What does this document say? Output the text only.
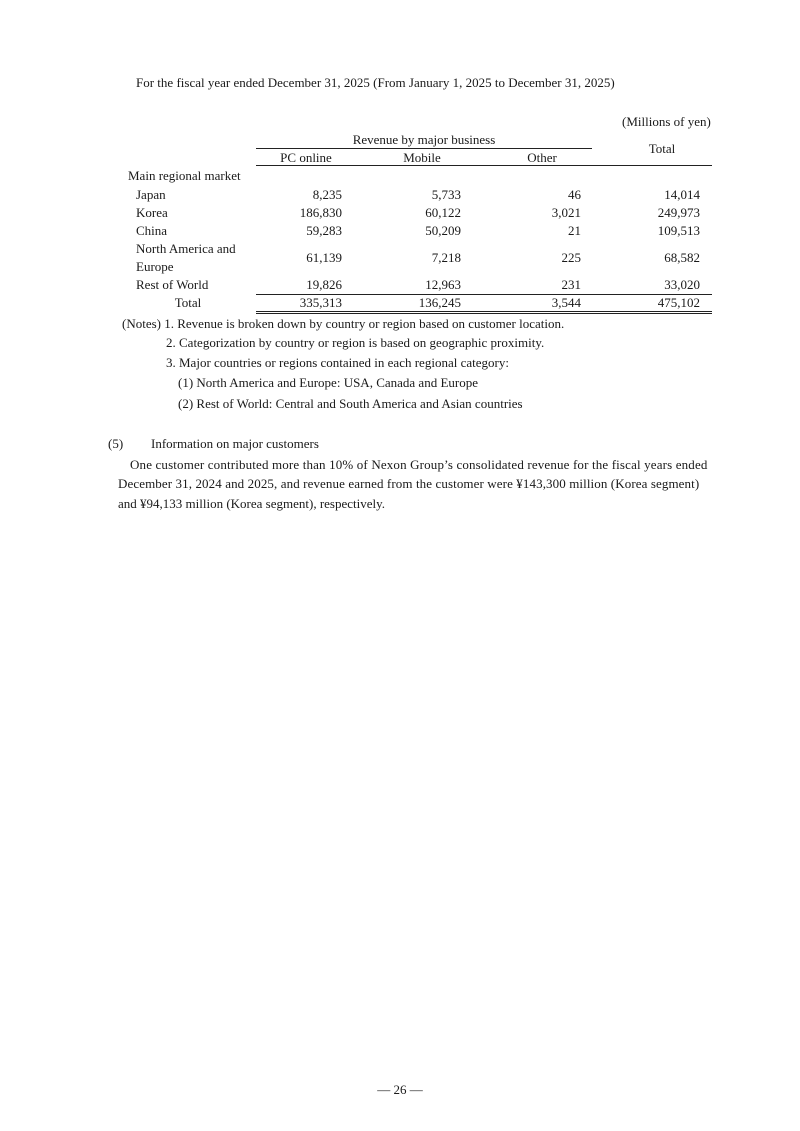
For the fiscal year ended December 31, 2025 (From January 1, 2025 to December 31, 2025)
(Millions of yen)
Revenue by major business
PC online	Mobile	Other
Total
Main regional market
Japan	8,235	5,733	46	14,014
Korea	186,830	60,122	3,021	249,973
China	59,283	50,209	21	109,513
North America and
Europe
61,139	7,218	225	68,582
Rest of World	19,826	12,963	231	33,020
Total	335,313	136,245	3,544	475,102
(Notes) 1. Revenue is broken down by country or region based on customer location.
2. Categorization by country or region is based on geographic proximity.
3. Major countries or regions contained in each regional category:
(1) North America and Europe: USA, Canada and Europe
(2) Rest of World: Central and South America and Asian countries
(5) Information on major customers
One customer contributed more than 10% of Nexon Group’s consolidated revenue for the fiscal years ended
December 31, 2024 and 2025, and revenue earned from the customer were ¥143,300 million (Korea segment)
and ¥94,133 million (Korea segment), respectively.
― 26 ―
